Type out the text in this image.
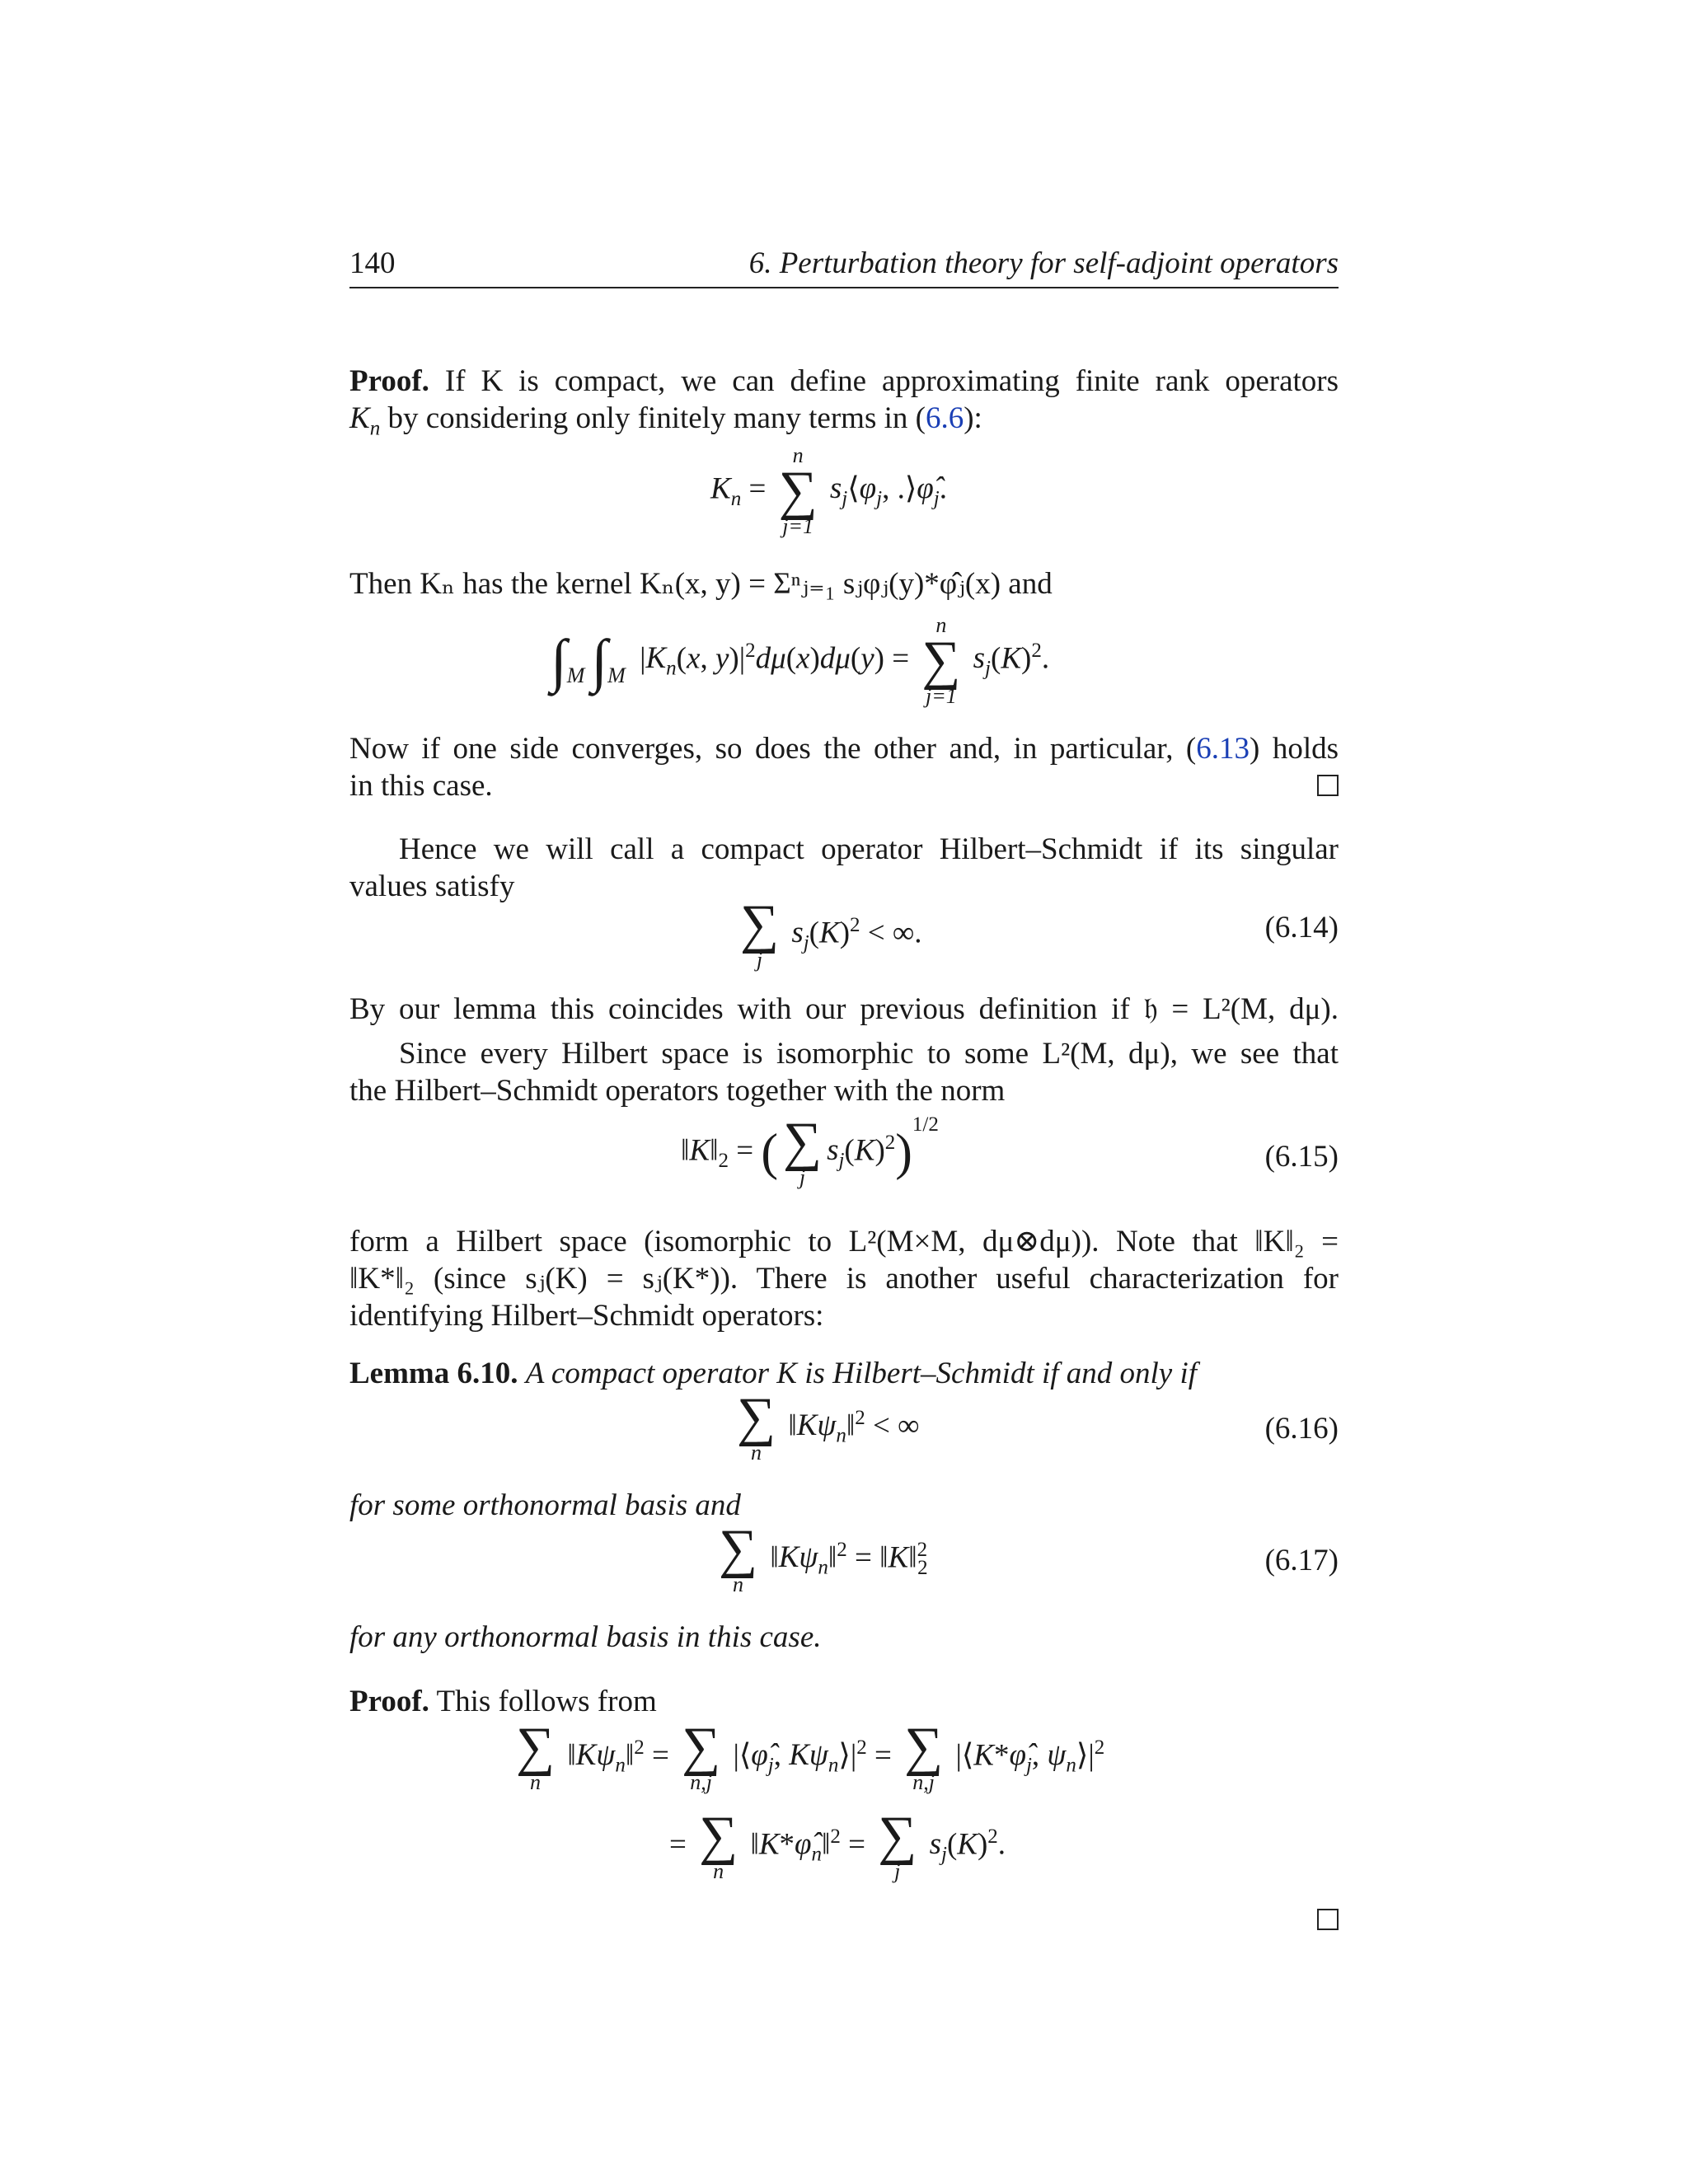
140	6. Perturbation theory for self-adjoint operators
Proof. If K is compact, we can define approximating finite rank operators
$K_n$ by considering only finitely many terms in (6.6):
$K_n$ =
n
∑
j=1
$s_j⟨\varphi_j$, $.⟩\varphî_j$.
Then Kₙ has the kernel Kₙ(x, y) = Σⁿⱼ₌₁ sⱼφⱼ(y)*φ̂ⱼ(x) and
$\int_M$ $\int_M$ $|K_n(x$, $y)|^2d\mu(x)d\mu(y)$ =
n
∑
j=1
$s_j(K)^2$.
Now if one side converges, so does the other and, in particular, (6.13) holds
in this case.
Hence we will call a compact operator Hilbert–Schmidt if its singular
values satisfy
∑
j
$s_j(K)^2$ < ∞.	(6.14)
By our lemma this coincides with our previous definition if 𝔥 = L²(M, dμ).
Since every Hilbert space is isomorphic to some L²(M, dμ), we see that
the Hilbert–Schmidt operators together with the norm
$‖K‖_2$ = ( ∑
j
$s_j(K)^2)^{1/2}$
(6.15)
form a Hilbert space (isomorphic to L²(M×M, dμ⊗dμ)). Note that ‖K‖₂ =
‖K*‖₂ (since sⱼ(K) = sⱼ(K*)). There is another useful characterization for
identifying Hilbert–Schmidt operators:
Lemma 6.10. A compact operator K is Hilbert–Schmidt if and only if
∑
n
$‖K\psi_n‖^2$ < ∞	(6.16)
for some orthonormal basis and
∑
n
$‖K\psi_n‖^2$ = ‖K‖$^2_2$	(6.17)
for any orthonormal basis in this case.
Proof. This follows from
∑
n
$‖K\psi_n‖^2$ = ∑
n,j
$|⟨\varphî_j$, $K\psi_n⟩|^2$ = ∑
n,j
$|⟨K*\varphî_j$, $\psi_n⟩|^2$
= ∑
n
$‖K*\varphî_n‖^2$ = ∑
j
$s_j(K)^2$.
